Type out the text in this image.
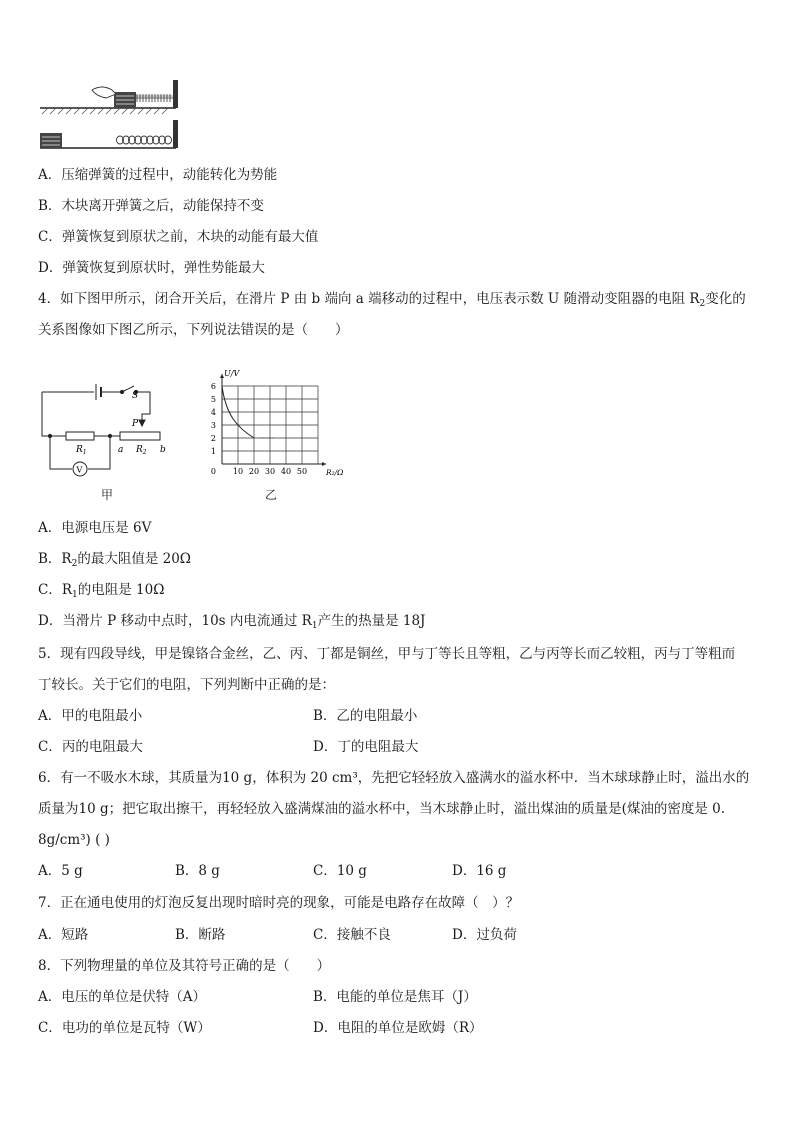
A．压缩弹簧的过程中，动能转化为势能
B．木块离开弹簧之后，动能保持不变
C．弹簧恢复到原状之前，木块的动能有最大值
D．弹簧恢复到原状时，弹性势能最大
4．如下图甲所示，闭合开关后，在滑片 P 由 b 端向 a 端移动的过程中，电压表示数 U 随滑动变阻器的电阻 $R_2$变化的
关系图像如下图乙所示，下列说法错误的是（　　）
S
P
$R_1$	a $R_2$ b
V
甲
U/V
6
5
4
3
2
1
0 10 20 30 40 50	R₂/Ω
乙
A．电源电压是 6V
B．$R_2$的最大阻值是 20Ω
C．$R_1$的电阻是 10Ω
D．当滑片 P 移动中点时，10s 内电流通过 $R_1$产生的热量是 18J
5．现有四段导线，甲是镍铬合金丝，乙、丙、丁都是铜丝，甲与丁等长且等粗，乙与丙等长而乙较粗，丙与丁等粗而
丁较长。关于它们的电阻，下列判断中正确的是：
A．甲的电阻最小	B．乙的电阻最小
C．丙的电阻最大	D．丁的电阻最大
6．有一不吸水木球，其质量为10 g，体积为 20 cm³，先把它轻轻放入盛满水的溢水杯中．当木球球静止时，溢出水的
质量为10 g；把它取出擦干，再轻轻放入盛满煤油的溢水杯中，当木球静止时，溢出煤油的质量是(煤油的密度是 0.
8g/cm³) ( )
A．5 g	B．8 g	C．10 g	D．16 g
7．正在通电使用的灯泡反复出现时暗时亮的现象，可能是电路存在故障（　）？
A．短路	B．断路	C．接触不良	D．过负荷
8．下列物理量的单位及其符号正确的是（　　）
A．电压的单位是伏特（A）	B．电能的单位是焦耳（J）
C．电功的单位是瓦特（W）	D．电阻的单位是欧姆（R）
